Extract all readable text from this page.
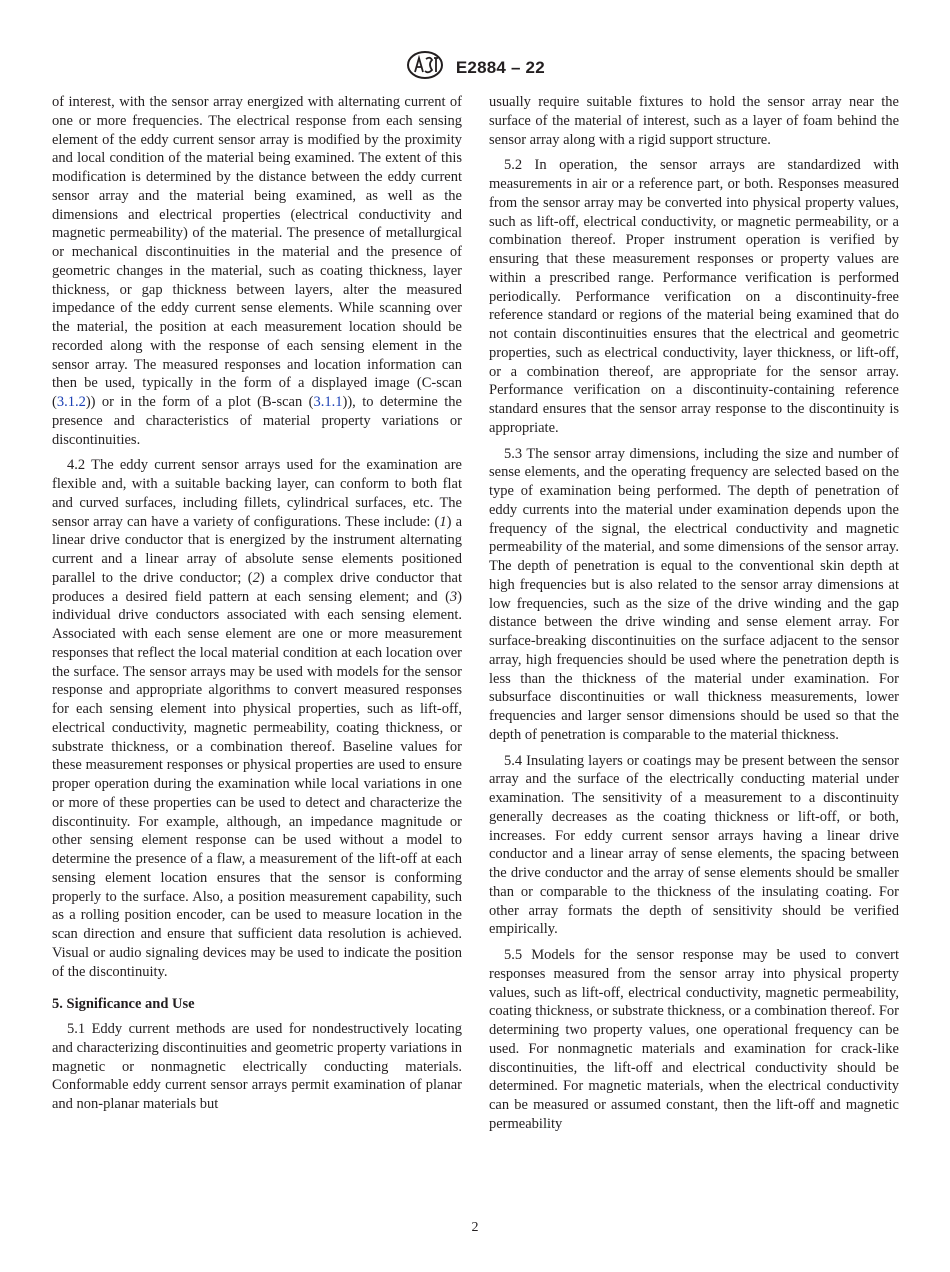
E2884 – 22

of interest, with the sensor array energized with alternating current of one or more frequencies. The electrical response from each sensing element of the eddy current sensor array is modified by the proximity and local condition of the material being examined. The extent of this modification is determined by the distance between the eddy current sensor array and the material being examined, as well as the dimensions and electrical properties (electrical conductivity and magnetic permeability) of the material. The presence of metallurgical or mechanical discontinuities in the material and the presence of geometric changes in the material, such as coating thickness, layer thickness, or gap thickness between layers, alter the measured impedance of the eddy current sense elements. While scanning over the material, the position at each measurement location should be recorded along with the response of each sensing element in the sensor array. The measured responses and location information can then be used, typically in the form of a displayed image (C-scan (3.1.2)) or in the form of a plot (B-scan (3.1.1)), to determine the presence and characteristics of material property variations or discontinuities.

4.2 The eddy current sensor arrays used for the examination are flexible and, with a suitable backing layer, can conform to both flat and curved surfaces, including fillets, cylindrical surfaces, etc. The sensor array can have a variety of configurations. These include: (1) a linear drive conductor that is energized by the instrument alternating current and a linear array of absolute sense elements positioned parallel to the drive conductor; (2) a complex drive conductor that produces a desired field pattern at each sensing element; and (3) individual drive conductors associated with each sensing element. Associated with each sense element are one or more measurement responses that reflect the local material condition at each location over the surface. The sensor arrays may be used with models for the sensor response and appropriate algorithms to convert measured responses for each sensing element into physical properties, such as lift-off, electrical conductivity, magnetic permeability, coating thickness, or substrate thickness, or a combination thereof. Baseline values for these measurement responses or physical properties are used to ensure proper operation during the examination while local variations in one or more of these properties can be used to detect and characterize the discontinuity. For example, although, an impedance magnitude or other sensing element response can be used without a model to determine the presence of a flaw, a measurement of the lift-off at each sensing element location ensures that the sensor is conforming properly to the surface. Also, a position measurement capability, such as a rolling position encoder, can be used to measure location in the scan direction and ensure that sufficient data resolution is achieved. Visual or audio signaling devices may be used to indicate the position of the discontinuity.

5. Significance and Use

5.1 Eddy current methods are used for nondestructively locating and characterizing discontinuities and geometric property variations in magnetic or nonmagnetic electrically conducting materials. Conformable eddy current sensor arrays permit examination of planar and non-planar materials but

usually require suitable fixtures to hold the sensor array near the surface of the material of interest, such as a layer of foam behind the sensor array along with a rigid support structure.

5.2 In operation, the sensor arrays are standardized with measurements in air or a reference part, or both. Responses measured from the sensor array may be converted into physical property values, such as lift-off, electrical conductivity, or magnetic permeability, or a combination thereof. Proper instrument operation is verified by ensuring that these measurement responses or property values are within a prescribed range. Performance verification is performed periodically. Performance verification on a discontinuity-free reference standard or regions of the material being examined that do not contain discontinuities ensures that the electrical and geometric properties, such as electrical conductivity, layer thickness, or lift-off, or a combination thereof, are appropriate for the sensor array. Performance verification on a discontinuity-containing reference standard ensures that the sensor array response to the discontinuity is appropriate.

5.3 The sensor array dimensions, including the size and number of sense elements, and the operating frequency are selected based on the type of examination being performed. The depth of penetration of eddy currents into the material under examination depends upon the frequency of the signal, the electrical conductivity and magnetic permeability of the material, and some dimensions of the sensor array. The depth of penetration is equal to the conventional skin depth at high frequencies but is also related to the sensor array dimensions at low frequencies, such as the size of the drive winding and the gap distance between the drive winding and sense element array. For surface-breaking discontinuities on the surface adjacent to the sensor array, high frequencies should be used where the penetration depth is less than the thickness of the material under examination. For subsurface discontinuities or wall thickness measurements, lower frequencies and larger sensor dimensions should be used so that the depth of penetration is comparable to the material thickness.

5.4 Insulating layers or coatings may be present between the sensor array and the surface of the electrically conducting material under examination. The sensitivity of a measurement to a discontinuity generally decreases as the coating thickness or lift-off, or both, increases. For eddy current sensor arrays having a linear drive conductor and a linear array of sense elements, the spacing between the drive conductor and the array of sense elements should be smaller than or comparable to the thickness of the insulating coating. For other array formats the depth of sensitivity should be verified empirically.

5.5 Models for the sensor response may be used to convert responses measured from the sensor array into physical property values, such as lift-off, electrical conductivity, magnetic permeability, coating thickness, or substrate thickness, or a combination thereof. For determining two property values, one operational frequency can be used. For nonmagnetic materials and examination for crack-like discontinuities, the lift-off and electrical conductivity should be determined. For magnetic materials, when the electrical conductivity can be measured or assumed constant, then the lift-off and magnetic permeability

2
